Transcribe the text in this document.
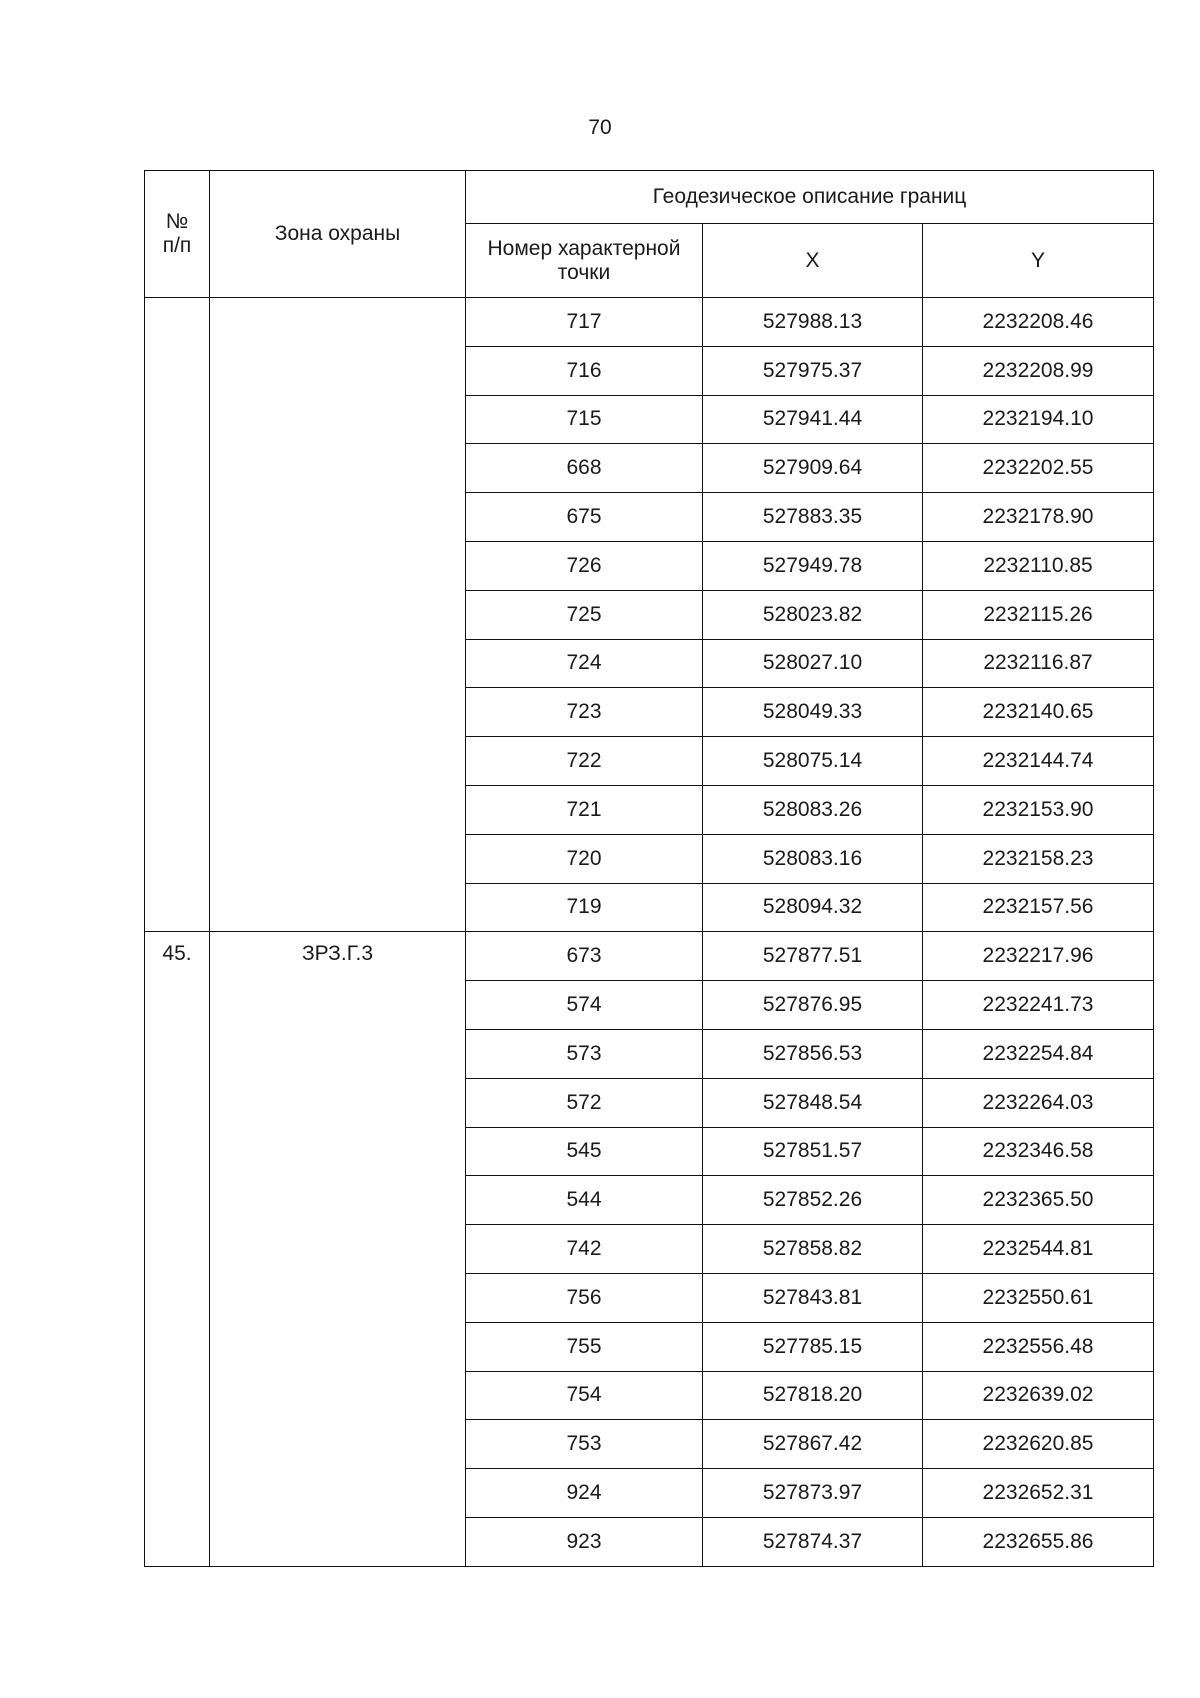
70
№
п/п	Зона охраны	Геодезическое описание границ		
		Номер характерной точки	X	Y
		717	527988.13	2232208.46
		716	527975.37	2232208.99
		715	527941.44	2232194.10
		668	527909.64	2232202.55
		675	527883.35	2232178.90
		726	527949.78	2232110.85
		725	528023.82	2232115.26
		724	528027.10	2232116.87
		723	528049.33	2232140.65
		722	528075.14	2232144.74
		721	528083.26	2232153.90
		720	528083.16	2232158.23
		719	528094.32	2232157.56
45.	ЗРЗ.Г.3	673	527877.51	2232217.96
		574	527876.95	2232241.73
		573	527856.53	2232254.84
		572	527848.54	2232264.03
		545	527851.57	2232346.58
		544	527852.26	2232365.50
		742	527858.82	2232544.81
		756	527843.81	2232550.61
		755	527785.15	2232556.48
		754	527818.20	2232639.02
		753	527867.42	2232620.85
		924	527873.97	2232652.31
		923	527874.37	2232655.86
